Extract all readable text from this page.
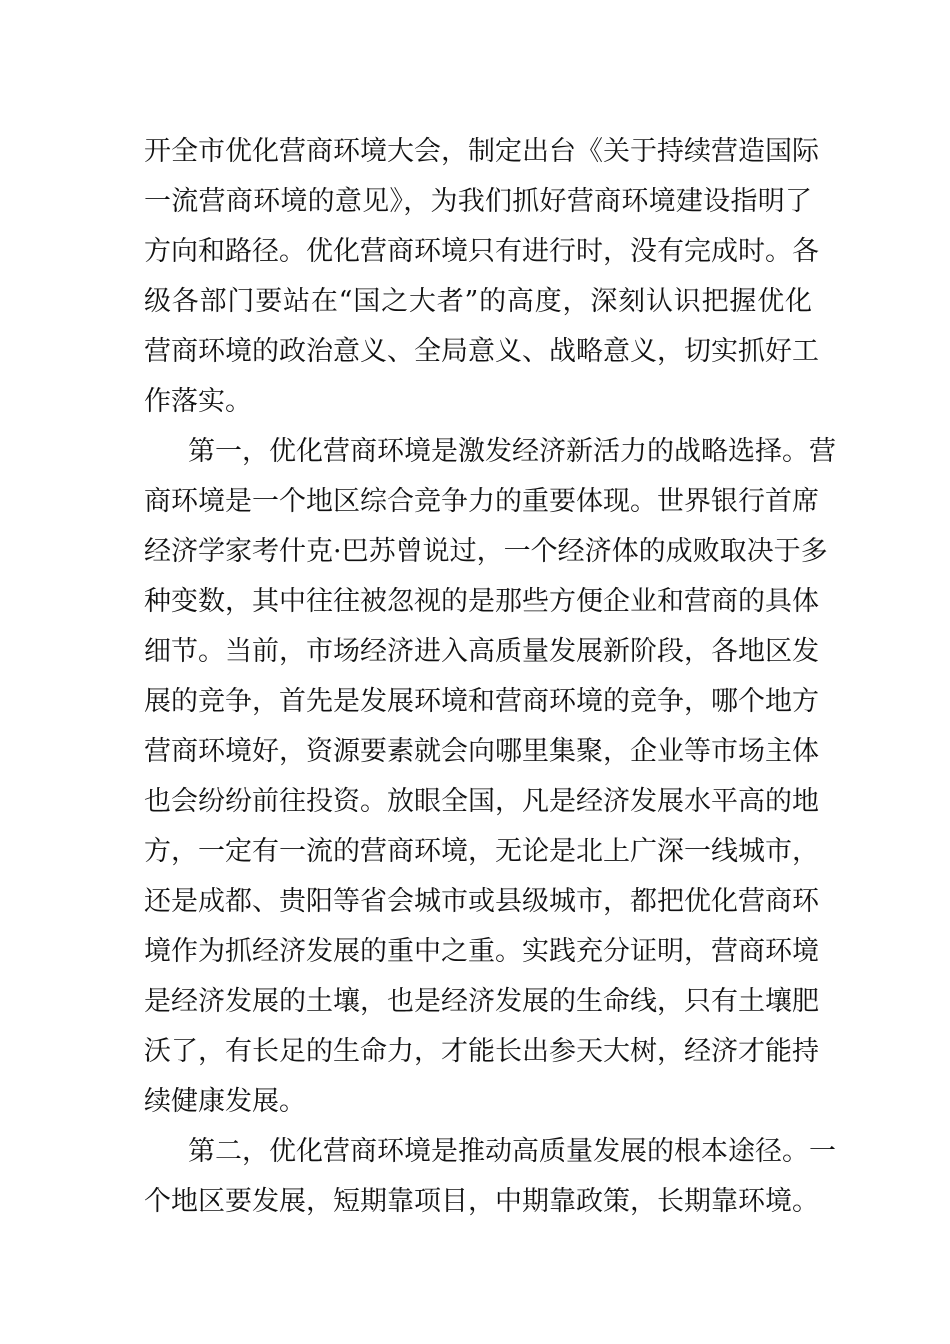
开全市优化营商环境大会，制定出台《关于持续营造国际
一流营商环境的意见》，为我们抓好营商环境建设指明了
方向和路径。优化营商环境只有进行时，没有完成时。各
级各部门要站在“国之大者”的高度，深刻认识把握优化
营商环境的政治意义、全局意义、战略意义，切实抓好工
作落实。
第一，优化营商环境是激发经济新活力的战略选择。营
商环境是一个地区综合竞争力的重要体现。世界银行首席
经济学家考什克·巴苏曾说过，一个经济体的成败取决于多
种变数，其中往往被忽视的是那些方便企业和营商的具体
细节。当前，市场经济进入高质量发展新阶段，各地区发
展的竞争，首先是发展环境和营商环境的竞争，哪个地方
营商环境好，资源要素就会向哪里集聚，企业等市场主体
也会纷纷前往投资。放眼全国，凡是经济发展水平高的地
方，一定有一流的营商环境，无论是北上广深一线城市，
还是成都、贵阳等省会城市或县级城市，都把优化营商环
境作为抓经济发展的重中之重。实践充分证明，营商环境
是经济发展的土壤，也是经济发展的生命线，只有土壤肥
沃了，有长足的生命力，才能长出参天大树，经济才能持
续健康发展。
第二，优化营商环境是推动高质量发展的根本途径。一
个地区要发展，短期靠项目，中期靠政策，长期靠环境。
